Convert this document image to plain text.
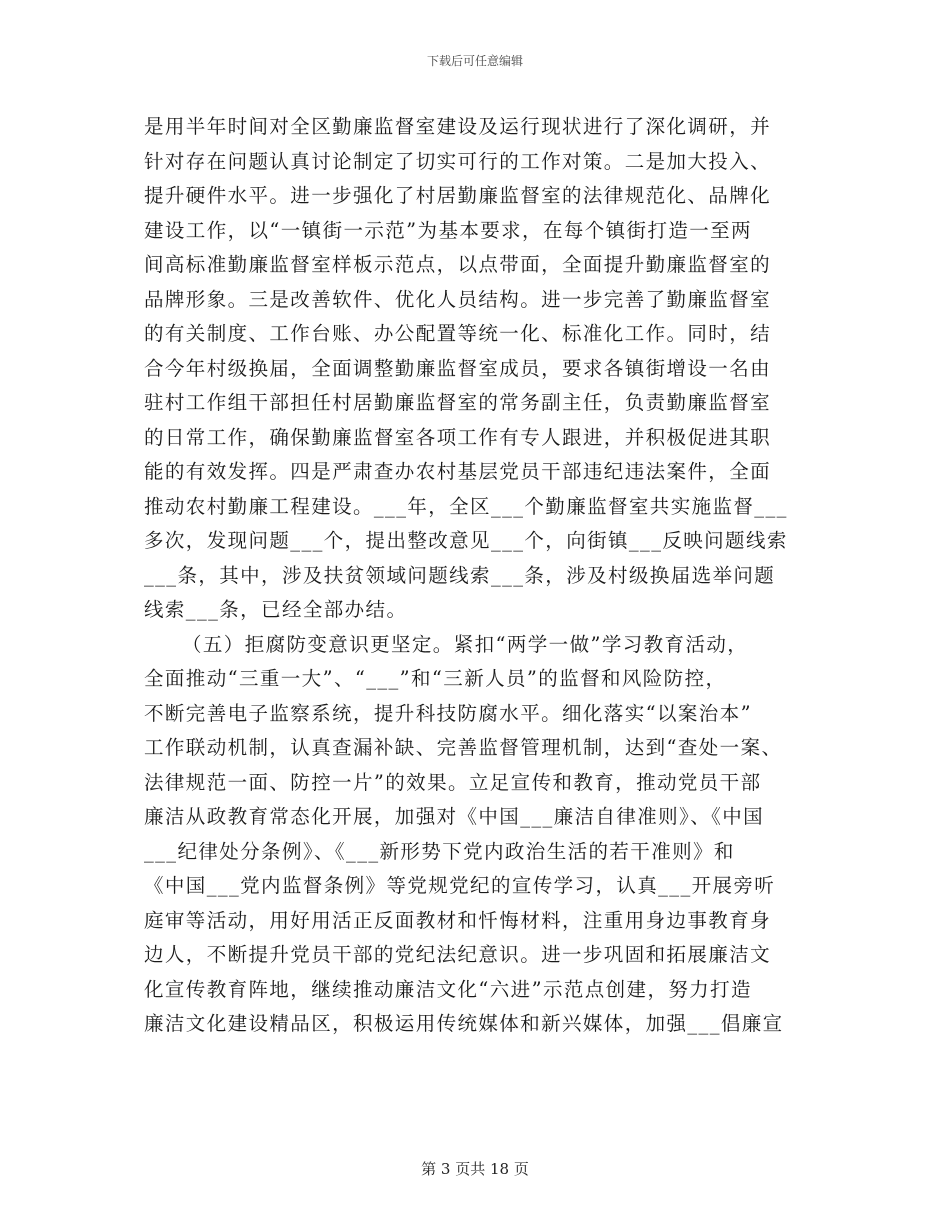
下载后可任意编辑
是用半年时间对全区勤廉监督室建设及运行现状进行了深化调研，并
针对存在问题认真讨论制定了切实可行的工作对策。二是加大投入、
提升硬件水平。进一步强化了村居勤廉监督室的法律规范化、品牌化
建设工作，以“一镇街一示范”为基本要求，在每个镇街打造一至两
间高标准勤廉监督室样板示范点，以点带面，全面提升勤廉监督室的
品牌形象。三是改善软件、优化人员结构。进一步完善了勤廉监督室
的有关制度、工作台账、办公配置等统一化、标准化工作。同时，结
合今年村级换届，全面调整勤廉监督室成员，要求各镇街增设一名由
驻村工作组干部担任村居勤廉监督室的常务副主任，负责勤廉监督室
的日常工作，确保勤廉监督室各项工作有专人跟进，并积极促进其职
能的有效发挥。四是严肃查办农村基层党员干部违纪违法案件，全面
推动农村勤廉工程建设。___年，全区___个勤廉监督室共实施监督___
多次，发现问题___个，提出整改意见___个，向街镇___反映问题线索
___条，其中，涉及扶贫领域问题线索___条，涉及村级换届选举问题
线索___条，已经全部办结。
（五）拒腐防变意识更坚定。紧扣“两学一做”学习教育活动，
全面推动“三重一大”、“___”和“三新人员”的监督和风险防控，
不断完善电子监察系统，提升科技防腐水平。细化落实“以案治本”
工作联动机制，认真查漏补缺、完善监督管理机制，达到“查处一案、
法律规范一面、防控一片”的效果。立足宣传和教育，推动党员干部
廉洁从政教育常态化开展，加强对《中国___廉洁自律准则》、《中国
___纪律处分条例》、《___新形势下党内政治生活的若干准则》和
《中国___党内监督条例》等党规党纪的宣传学习，认真___开展旁听
庭审等活动，用好用活正反面教材和忏悔材料，注重用身边事教育身
边人，不断提升党员干部的党纪法纪意识。进一步巩固和拓展廉洁文
化宣传教育阵地，继续推动廉洁文化“六进”示范点创建，努力打造
廉洁文化建设精品区，积极运用传统媒体和新兴媒体，加强___倡廉宣
第 3 页共 18 页
